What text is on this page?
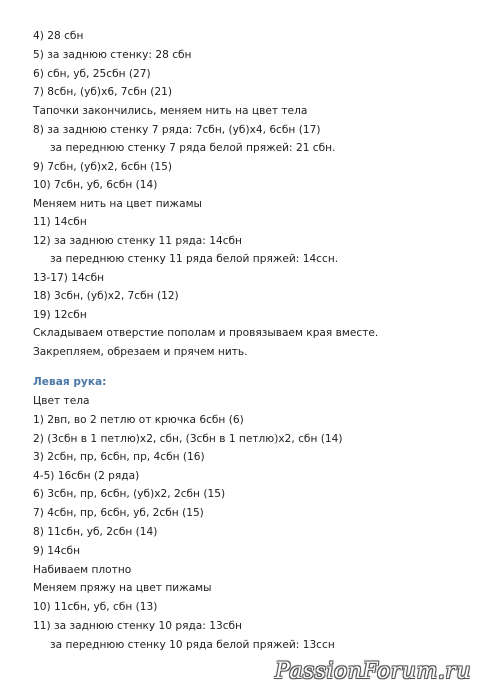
4) 28 сбн
5) за заднюю стенку: 28 сбн
6) сбн, уб, 25сбн (27)
7) 8сбн, (уб)х6, 7сбн (21)
Тапочки закончились, меняем нить на цвет тела
8) за заднюю стенку 7 ряда: 7сбн, (уб)х4, 6сбн (17)
за переднюю стенку 7 ряда белой пряжей: 21 сбн.
9) 7сбн, (уб)х2, 6сбн (15)
10) 7сбн, уб, 6сбн (14)
Меняем нить на цвет пижамы
11) 14сбн
12) за заднюю стенку 11 ряда: 14сбн
за переднюю стенку 11 ряда белой пряжей: 14ссн.
13-17) 14сбн
18) 3сбн, (уб)х2, 7сбн (12)
19) 12сбн
Складываем отверстие пополам и провязываем края вместе. Закрепляем, обрезаем и прячем нить.
Левая рука:
Цвет тела
1) 2вп, во 2 петлю от крючка 6сбн (6)
2) (3сбн в 1 петлю)х2, сбн, (3сбн в 1 петлю)х2, сбн (14)
3) 2сбн, пр, 6сбн, пр, 4сбн (16)
4-5) 16сбн (2 ряда)
6) 3сбн, пр, 6сбн, (уб)х2, 2сбн (15)
7) 4сбн, пр, 6сбн, уб, 2сбн (15)
8) 11сбн, уб, 2сбн (14)
9) 14сбн
Набиваем плотно
Меняем пряжу на цвет пижамы
10) 11сбн, уб, сбн (13)
11) за заднюю стенку 10 ряда: 13сбн
за переднюю стенку 10 ряда белой пряжей: 13ссн
PassionForum.ru
